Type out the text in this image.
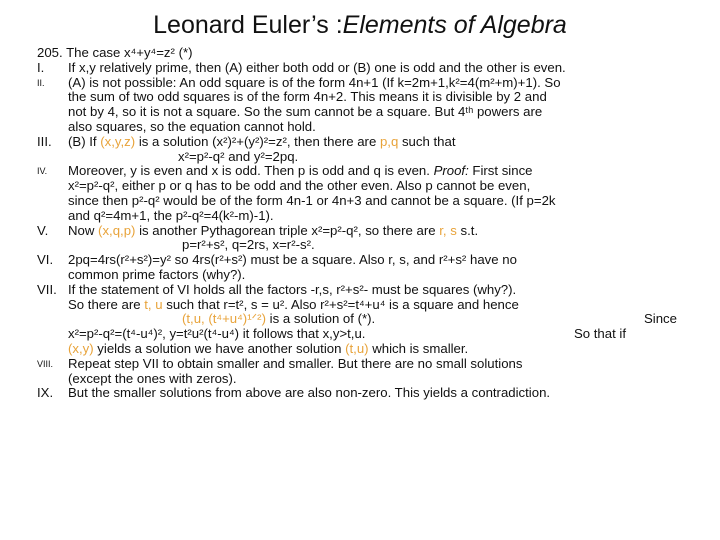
Leonard Euler’s :Elements of Algebra

205. The case x⁴+y⁴=z² (*)

I.	If x,y relatively prime, then (A) either both odd or (B) one is odd and the other is even.
II.	(A) is not possible: An odd square is of the form 4n+1 (If k=2m+1,k²=4(m²+m)+1). So
the sum of two odd squares is of the form 4n+2. This means it is divisible by 2 and
not by 4, so it is not a square. So the sum cannot be a square. But 4ᵗʰ powers are
also squares, so the equation cannot hold.
III.	(B) If (x,y,z) is a solution (x²)²+(y²)²=z², then there are p,q such that
x²=p²-q² and y²=2pq.
IV.	Moreover, y is even and x is odd. Then p is odd and q is even. Proof: First since
x²=p²-q², either p or q has to be odd and the other even. Also p cannot be even,
since then p²-q² would be of the form 4n-1 or 4n+3 and cannot be a square. (If p=2k
and q²=4m+1, the p²-q²=4(k²-m)-1).
V.	Now (x,q,p) is another Pythagorean triple x²=p²-q², so there are r, s s.t.
p=r²+s², q=2rs, x=r²-s².
VI.	2pq=4rs(r²+s²)=y² so 4rs(r²+s²) must be a square. Also r, s, and r²+s² have no
common prime factors (why?).
VII. If the statement of VI holds all the factors -r,s, r²+s²- must be squares (why?).
So there are t, u such that r=t², s = u². Also r²+s²=t⁴+u⁴ is a square and hence
(t,u, (t⁴+u⁴)¹ᐟ²) is a solution of (*).	Since
x²=p²-q²=(t⁴-u⁴)², y=t²u²(t⁴-u⁴) it follows that x,y>t,u.	So that if
(x,y) yields a solution we have another solution (t,u) which is smaller.
VIII.	Repeat step VII to obtain smaller and smaller. But there are no small solutions
(except the ones with zeros).
IX.	But the smaller solutions from above are also non-zero. This yields a contradiction.
